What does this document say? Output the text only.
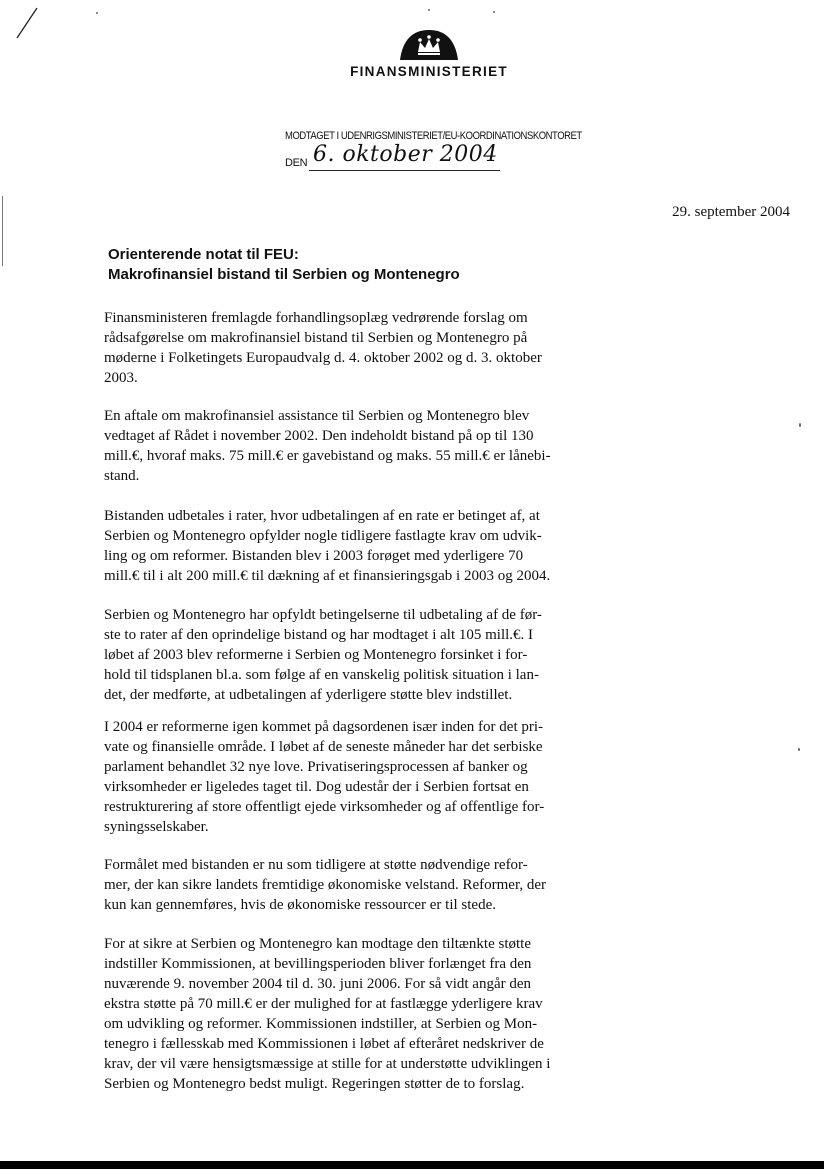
FINANSMINISTERIET
MODTAGET I UDENRIGSMINISTERIET/EU-KOORDINATIONSKONTORET
DEN 6. oktober 2004
29. september 2004
Orienterende notat til FEU:
Makrofinansiel bistand til Serbien og Montenegro
Finansministeren fremlagde forhandlingsoplæg vedrørende forslag om
rådsafgørelse om makrofinansiel bistand til Serbien og Montenegro på
møderne i Folketingets Europaudvalg d. 4. oktober 2002 og d. 3. oktober
2003.
En aftale om makrofinansiel assistance til Serbien og Montenegro blev
vedtaget af Rådet i november 2002. Den indeholdt bistand på op til 130
mill.€, hvoraf maks. 75 mill.€ er gavebistand og maks. 55 mill.€ er lånebi-
stand.
Bistanden udbetales i rater, hvor udbetalingen af en rate er betinget af, at
Serbien og Montenegro opfylder nogle tidligere fastlagte krav om udvik-
ling og om reformer. Bistanden blev i 2003 forøget med yderligere 70
mill.€ til i alt 200 mill.€ til dækning af et finansieringsgab i 2003 og 2004.
Serbien og Montenegro har opfyldt betingelserne til udbetaling af de før-
ste to rater af den oprindelige bistand og har modtaget i alt 105 mill.€. I
løbet af 2003 blev reformerne i Serbien og Montenegro forsinket i for-
hold til tidsplanen bl.a. som følge af en vanskelig politisk situation i lan-
det, der medførte, at udbetalingen af yderligere støtte blev indstillet.
I 2004 er reformerne igen kommet på dagsordenen især inden for det pri-
vate og finansielle område. I løbet af de seneste måneder har det serbiske
parlament behandlet 32 nye love. Privatiseringsprocessen af banker og
virksomheder er ligeledes taget til. Dog udestår der i Serbien fortsat en
restrukturering af store offentligt ejede virksomheder og af offentlige for-
syningsselskaber.
Formålet med bistanden er nu som tidligere at støtte nødvendige refor-
mer, der kan sikre landets fremtidige økonomiske velstand. Reformer, der
kun kan gennemføres, hvis de økonomiske ressourcer er til stede.
For at sikre at Serbien og Montenegro kan modtage den tiltænkte støtte
indstiller Kommissionen, at bevillingsperioden bliver forlænget fra den
nuværende 9. november 2004 til d. 30. juni 2006. For så vidt angår den
ekstra støtte på 70 mill.€ er der mulighed for at fastlægge yderligere krav
om udvikling og reformer. Kommissionen indstiller, at Serbien og Mon-
tenegro i fællesskab med Kommissionen i løbet af efteråret nedskriver de
krav, der vil være hensigtsmæssige at stille for at understøtte udviklingen i
Serbien og Montenegro bedst muligt. Regeringen støtter de to forslag.
